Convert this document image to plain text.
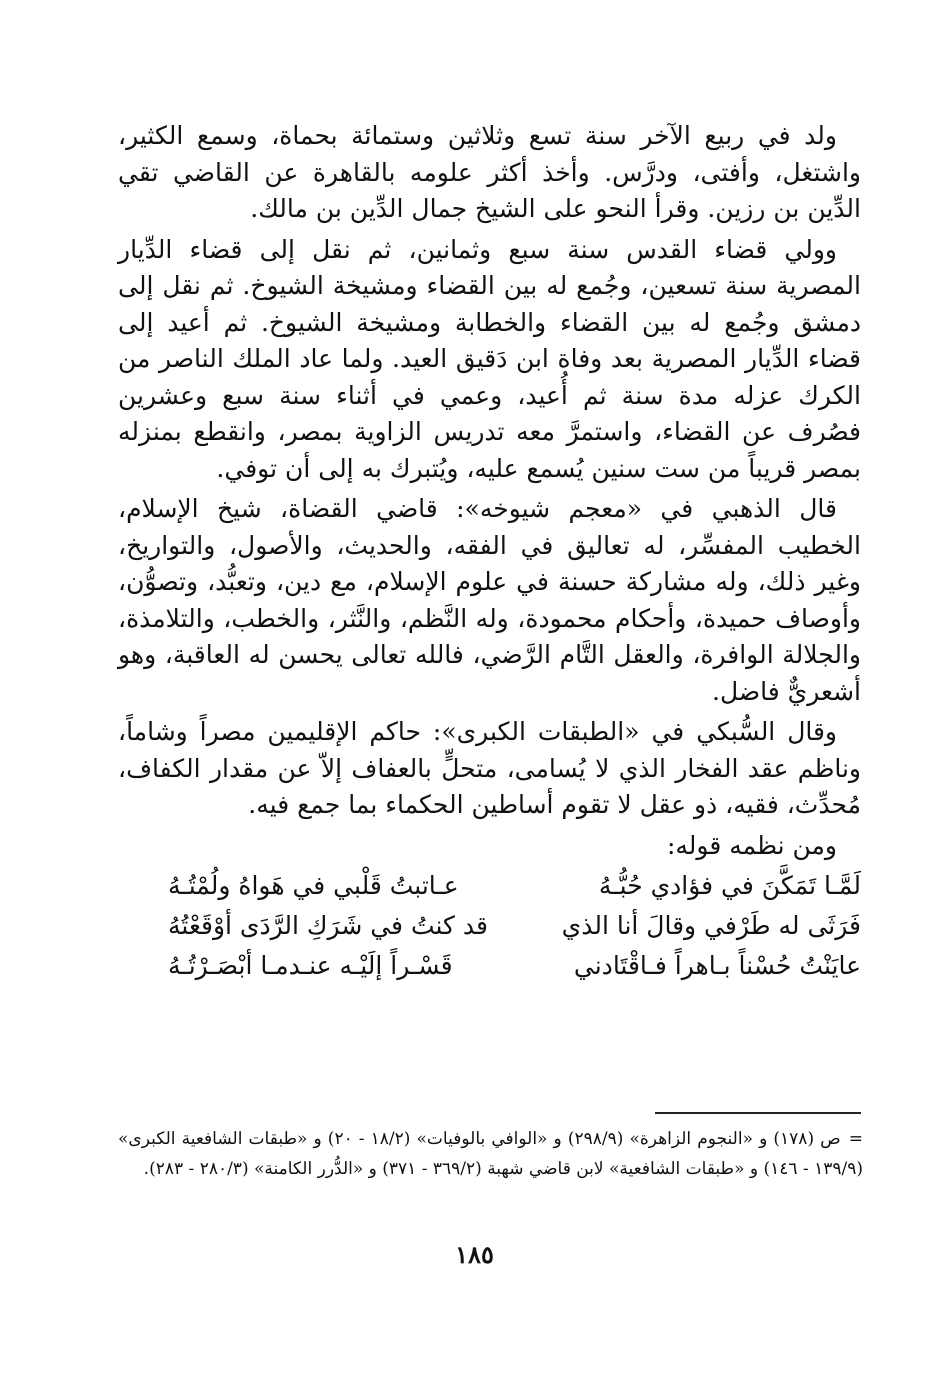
ولد في ربيع الآخر سنة تسع وثلاثين وستمائة بحماة، وسمع الكثير، واشتغل، وأفتى، ودرَّس. وأخذ أكثر علومه بالقاهرة عن القاضي تقي الدِّين بن رزين. وقرأ النحو على الشيخ جمال الدِّين بن مالك.

وولي قضاء القدس سنة سبع وثمانين، ثم نقل إلى قضاء الدِّيار المصرية سنة تسعين، وجُمع له بين القضاء ومشيخة الشيوخ. ثم نقل إلى دمشق وجُمع له بين القضاء والخطابة ومشيخة الشيوخ. ثم أعيد إلى قضاء الدِّيار المصرية بعد وفاة ابن دَقيق العيد. ولما عاد الملك الناصر من الكرك عزله مدة سنة ثم أُعيد، وعمي في أثناء سنة سبع وعشرين فصُرف عن القضاء، واستمرَّ معه تدريس الزاوية بمصر، وانقطع بمنزله بمصر قريباً من ست سنين يُسمع عليه، ويُتبرك به إلى أن توفي.

قال الذهبي في «معجم شيوخه»: قاضي القضاة، شيخ الإسلام، الخطيب المفسِّر، له تعاليق في الفقه، والحديث، والأصول، والتواريخ، وغير ذلك، وله مشاركة حسنة في علوم الإسلام، مع دين، وتعبُّد، وتصوُّن، وأوصاف حميدة، وأحكام محمودة، وله النَّظم، والنَّثر، والخطب، والتلامذة، والجلالة الوافرة، والعقل التَّام الرَّضي، فالله تعالى يحسن له العاقبة، وهو أشعريٌّ فاضل.

وقال السُّبكي في «الطبقات الكبرى»: حاكم الإقليمين مصراً وشاماً، وناظم عقد الفخار الذي لا يُسامى، متحلٍّ بالعفاف إلاّ عن مقدار الكفاف، مُحدِّث، فقيه، ذو عقل لا تقوم أساطين الحكماء بما جمع فيه.

ومن نظمه قوله:
لَمَّـا تَمَكَّنَ في فؤادي حُبُّـهُ
عـاتبتُ قَلْبي في هَواهُ ولُمْتُـهُ
فَرَثَى له طَرْفي وقالَ أنا الذي
قد كنتُ في شَرَكِ الرَّدَى أوْقَعْتُهُ
عايَنْتُ حُسْناً بـاهراً فـاقْتَادني
قَسْـراً إلَيْـه عنـدمـا أبْصَـرْتُـهُ
=ص (١٧٨) و «النجوم الزاهرة» (٢٩٨/٩) و «الوافي بالوفيات» (١٨/٢ - ٢٠) و «طبقات الشافعية الكبرى» (١٣٩/٩ - ١٤٦) و «طبقات الشافعية» لابن قاضي شهبة (٣٦٩/٢ - ٣٧١) و «الدُّرر الكامنة» (٢٨٠/٣ - ٢٨٣).
١٨٥
